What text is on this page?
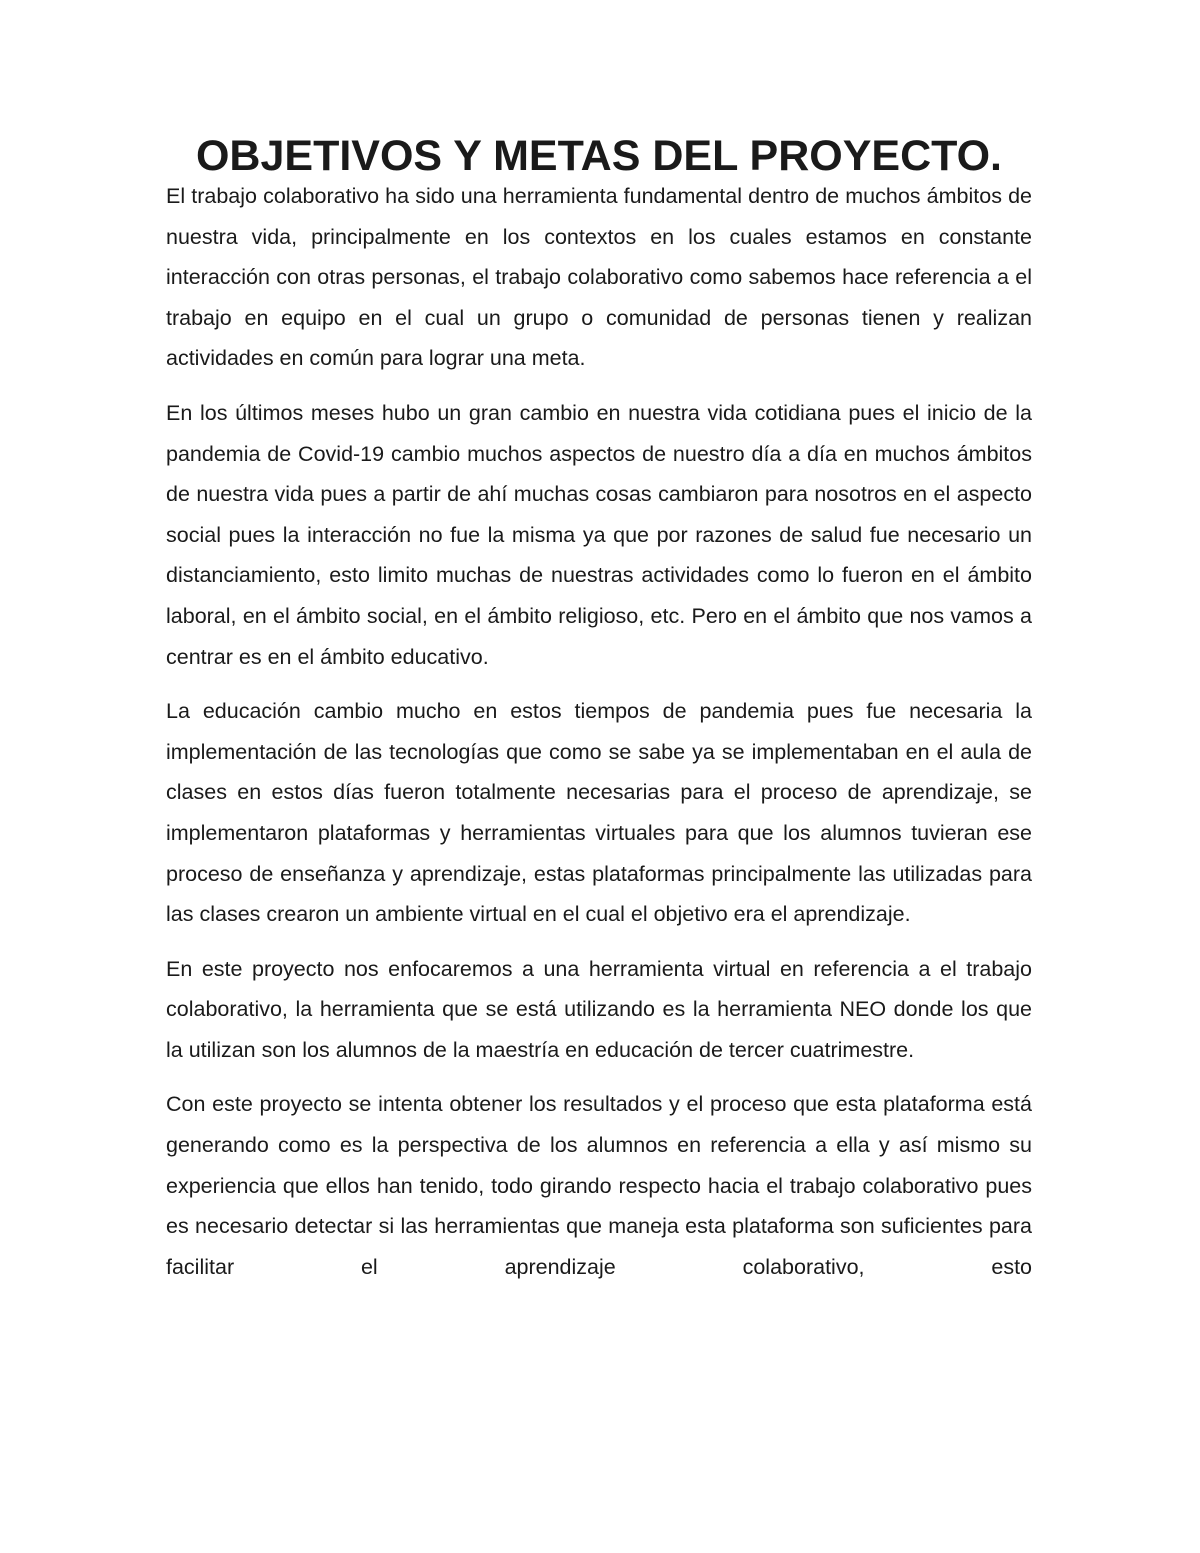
OBJETIVOS Y METAS DEL PROYECTO.

El trabajo colaborativo ha sido una herramienta fundamental dentro de muchos ámbitos de nuestra vida, principalmente en los contextos en los cuales estamos en constante interacción con otras personas, el trabajo colaborativo como sabemos hace referencia a el trabajo en equipo en el cual un grupo o comunidad de personas tienen y realizan actividades en común para lograr una meta.

En los últimos meses hubo un gran cambio en nuestra vida cotidiana pues el inicio de la pandemia de Covid-19 cambio muchos aspectos de nuestro día a día en muchos ámbitos de nuestra vida pues a partir de ahí muchas cosas cambiaron para nosotros en el aspecto social pues la interacción no fue la misma ya que por razones de salud fue necesario un distanciamiento, esto limito muchas de nuestras actividades como lo fueron en el ámbito laboral, en el ámbito social, en el ámbito religioso, etc. Pero en el ámbito que nos vamos a centrar es en el ámbito educativo.

La educación cambio mucho en estos tiempos de pandemia pues fue necesaria la implementación de las tecnologías que como se sabe ya se implementaban en el aula de clases en estos días fueron totalmente necesarias para el proceso de aprendizaje, se implementaron plataformas y herramientas virtuales para que los alumnos tuvieran ese proceso de enseñanza y aprendizaje, estas plataformas principalmente las utilizadas para las clases crearon un ambiente virtual en el cual el objetivo era el aprendizaje.

En este proyecto nos enfocaremos a una herramienta virtual en referencia a el trabajo colaborativo, la herramienta que se está utilizando es la herramienta NEO donde los que la utilizan son los alumnos de la maestría en educación de tercer cuatrimestre.

Con este proyecto se intenta obtener los resultados y el proceso que esta plataforma está generando como es la perspectiva de los alumnos en referencia a ella y así mismo su experiencia que ellos han tenido, todo girando respecto hacia el trabajo colaborativo pues es necesario detectar si las herramientas que maneja esta plataforma son suficientes para facilitar el aprendizaje colaborativo, esto
